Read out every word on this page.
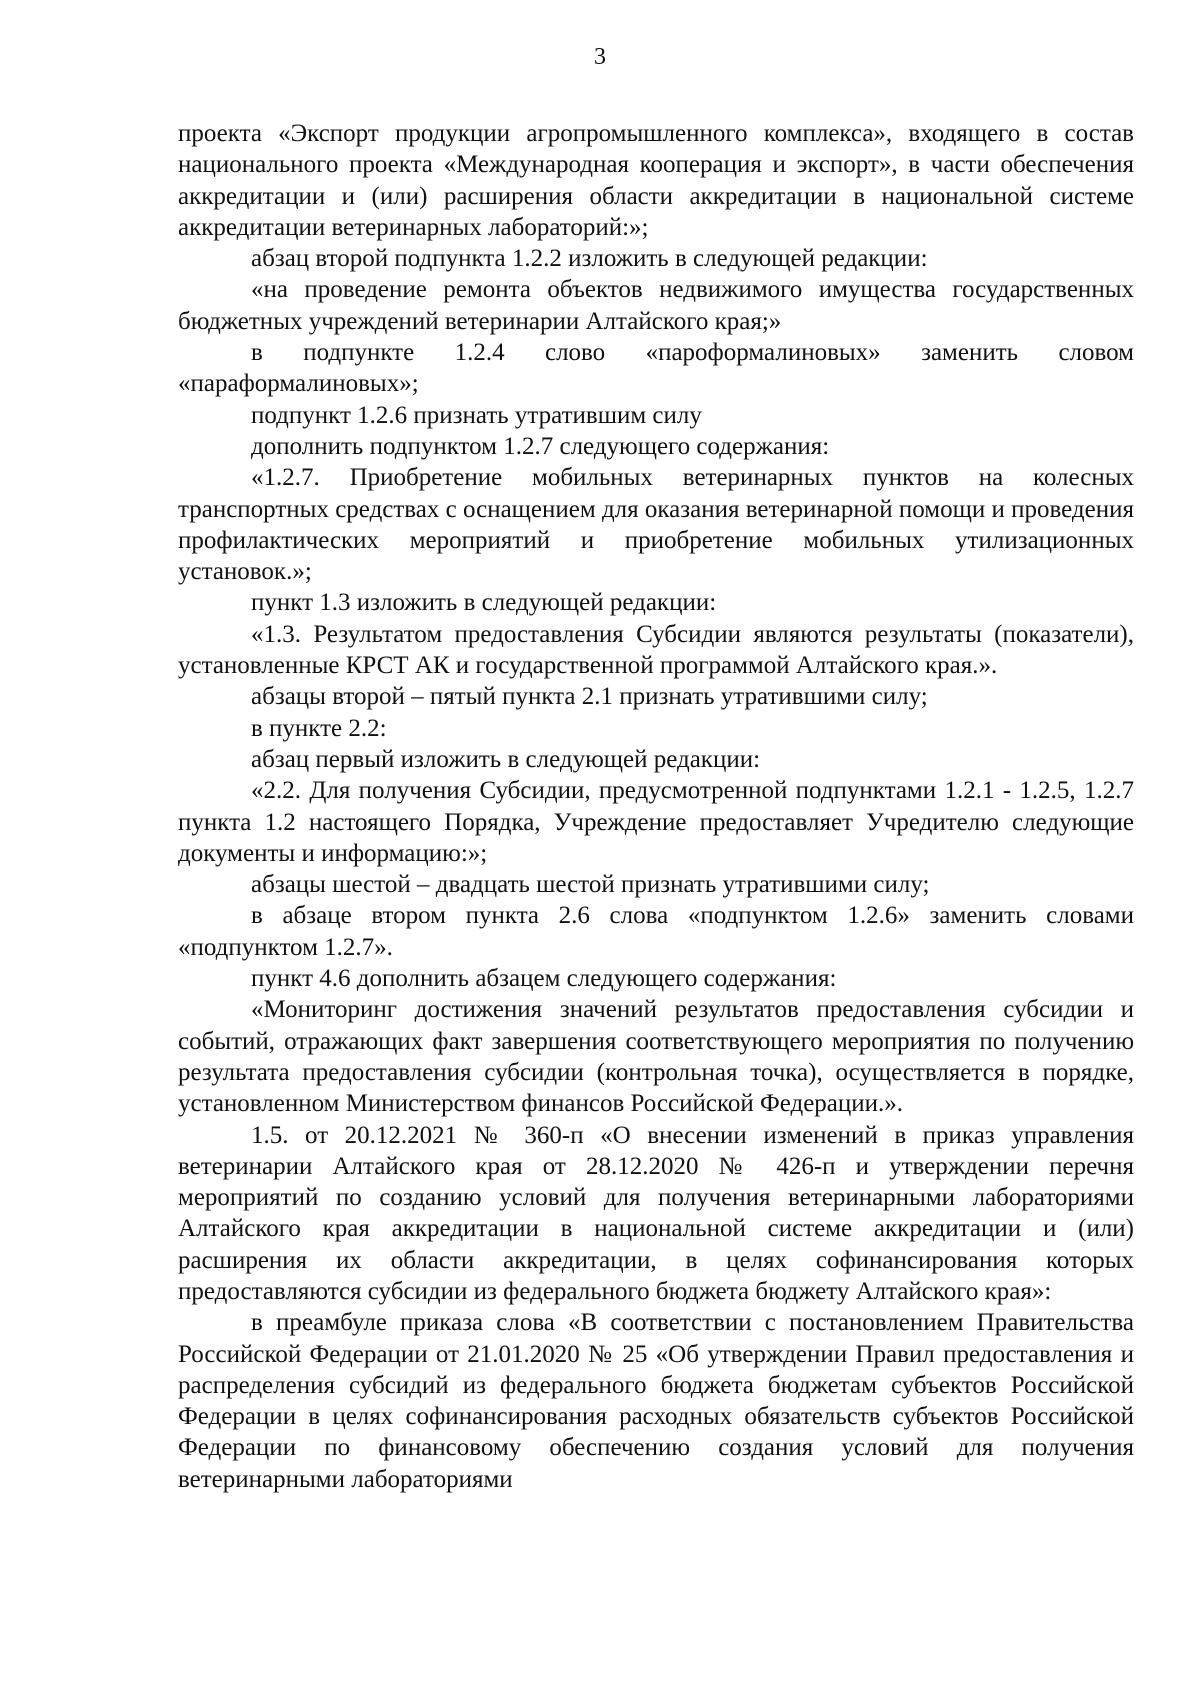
3

проекта «Экспорт продукции агропромышленного комплекса», входящего в состав национального проекта «Международная кооперация и экспорт», в части обеспечения аккредитации и (или) расширения области аккредитации в национальной системе аккредитации ветеринарных лабораторий:»;

абзац второй подпункта 1.2.2 изложить в следующей редакции:

«на проведение ремонта объектов недвижимого имущества государственных бюджетных учреждений ветеринарии Алтайского края;»

в подпункте 1.2.4 слово «пароформалиновых» заменить словом «параформалиновых»;

подпункт 1.2.6 признать утратившим силу

дополнить подпунктом 1.2.7 следующего содержания:

«1.2.7. Приобретение мобильных ветеринарных пунктов на колесных транспортных средствах с оснащением для оказания ветеринарной помощи и проведения профилактических мероприятий и приобретение мобильных утилизационных установок.»;

пункт 1.3 изложить в следующей редакции:

«1.3. Результатом предоставления Субсидии являются результаты (показатели), установленные КРСТ АК и государственной программой Алтайского края.».

абзацы второй – пятый пункта 2.1 признать утратившими силу;

в пункте 2.2:

абзац первый изложить в следующей редакции:

«2.2. Для получения Субсидии, предусмотренной подпунктами 1.2.1 - 1.2.5, 1.2.7 пункта 1.2 настоящего Порядка, Учреждение предоставляет Учредителю следующие документы и информацию:»;

абзацы шестой – двадцать шестой признать утратившими силу;

в абзаце втором пункта 2.6 слова «подпунктом 1.2.6» заменить словами «подпунктом 1.2.7».

пункт 4.6 дополнить абзацем следующего содержания:

«Мониторинг достижения значений результатов предоставления субсидии и событий, отражающих факт завершения соответствующего мероприятия по получению результата предоставления субсидии (контрольная точка), осуществляется в порядке, установленном Министерством финансов Российской Федерации.».

1.5. от 20.12.2021 № 360-п «О внесении изменений в приказ управления ветеринарии Алтайского края от 28.12.2020 № 426-п и утверждении перечня мероприятий по созданию условий для получения ветеринарными лабораториями Алтайского края аккредитации в национальной системе аккредитации и (или) расширения их области аккредитации, в целях софинансирования которых предоставляются субсидии из федерального бюджета бюджету Алтайского края»:

в преамбуле приказа слова «В соответствии с постановлением Правительства Российской Федерации от 21.01.2020 № 25 «Об утверждении Правил предоставления и распределения субсидий из федерального бюджета бюджетам субъектов Российской Федерации в целях софинансирования расходных обязательств субъектов Российской Федерации по финансовому обеспечению создания условий для получения ветеринарными лабораториями
